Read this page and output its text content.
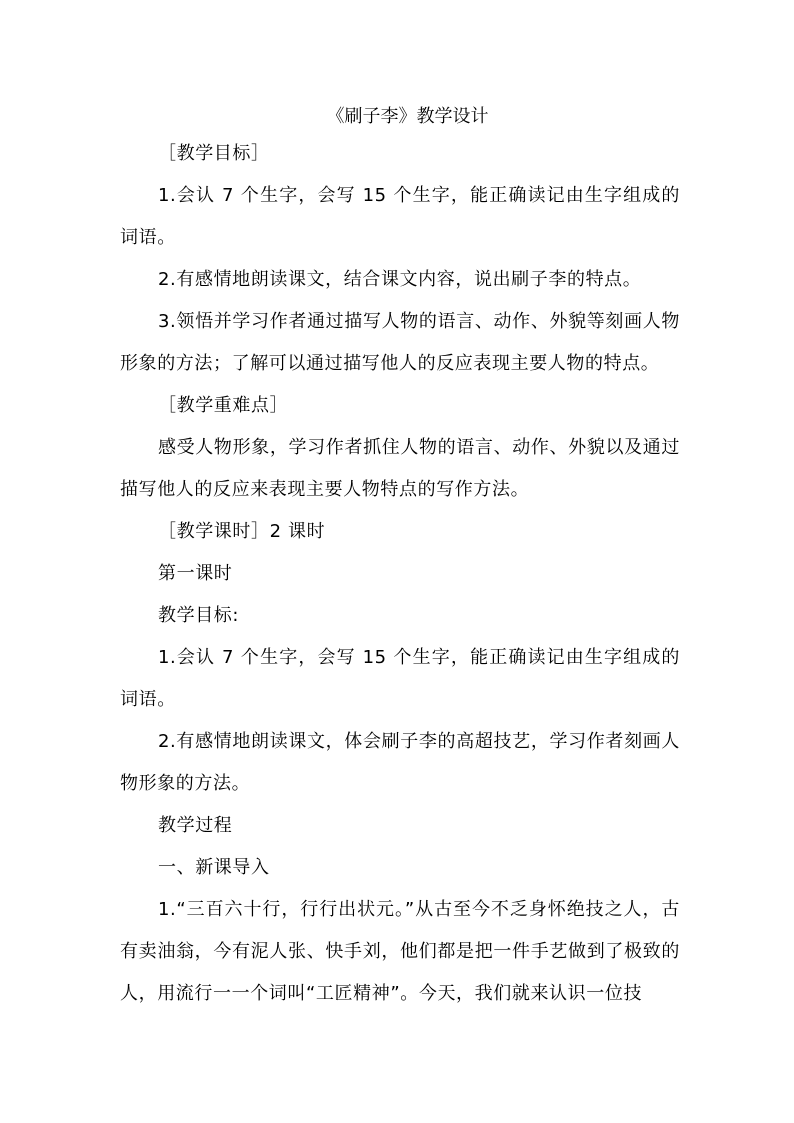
《刷子李》教学设计
［教学目标］
1.会认 7 个生字，会写 15 个生字，能正确读记由生字组成的词语。
2.有感情地朗读课文，结合课文内容，说出刷子李的特点。
3.领悟并学习作者通过描写人物的语言、动作、外貌等刻画人物形象的方法；了解可以通过描写他人的反应表现主要人物的特点。
［教学重难点］
感受人物形象，学习作者抓住人物的语言、动作、外貌以及通过描写他人的反应来表现主要人物特点的写作方法。
［教学课时］2 课时
第一课时
教学目标:
1.会认 7 个生字，会写 15 个生字，能正确读记由生字组成的词语。
2.有感情地朗读课文，体会刷子李的高超技艺，学习作者刻画人物形象的方法。
教学过程
一、新课导入
1.“三百六十行，行行出状元。”从古至今不乏身怀绝技之人，古有卖油翁，今有泥人张、快手刘，他们都是把一件手艺做到了极致的人，用流行一一个词叫“工匠精神”。今天，我们就来认识一位技
